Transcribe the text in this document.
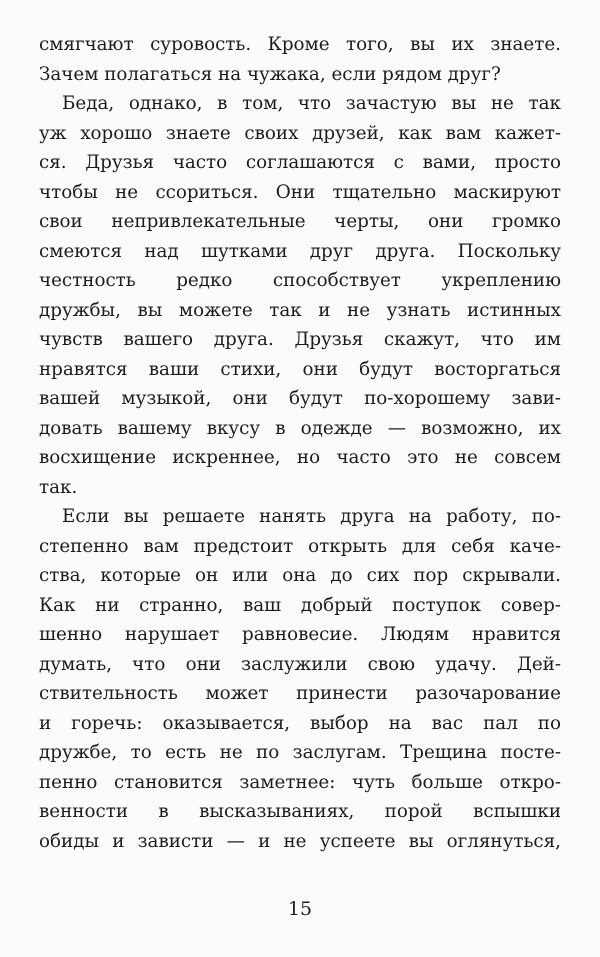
смягчают суровость. Кроме того, вы их знаете.
Зачем полагаться на чужака, если рядом друг?
Беда, однако, в том, что зачастую вы не так
уж хорошо знаете своих друзей, как вам кажет-
ся. Друзья часто соглашаются с вами, просто
чтобы не ссориться. Они тщательно маскируют
свои непривлекательные черты, они громко
смеются над шутками друг друга. Поскольку
честность редко способствует укреплению
дружбы, вы можете так и не узнать истинных
чувств вашего друга. Друзья скажут, что им
нравятся ваши стихи, они будут восторгаться
вашей музыкой, они будут по-хорошему зави-
довать вашему вкусу в одежде — возможно, их
восхищение искреннее, но часто это не совсем
так.
Если вы решаете нанять друга на работу, по-
степенно вам предстоит открыть для себя каче-
ства, которые он или она до сих пор скрывали.
Как ни странно, ваш добрый поступок совер-
шенно нарушает равновесие. Людям нравится
думать, что они заслужили свою удачу. Дей-
ствительность может принести разочарование
и горечь: оказывается, выбор на вас пал по
дружбе, то есть не по заслугам. Трещина посте-
пенно становится заметнее: чуть больше откро-
венности в высказываниях, порой вспышки
обиды и зависти — и не успеете вы оглянуться,
15
